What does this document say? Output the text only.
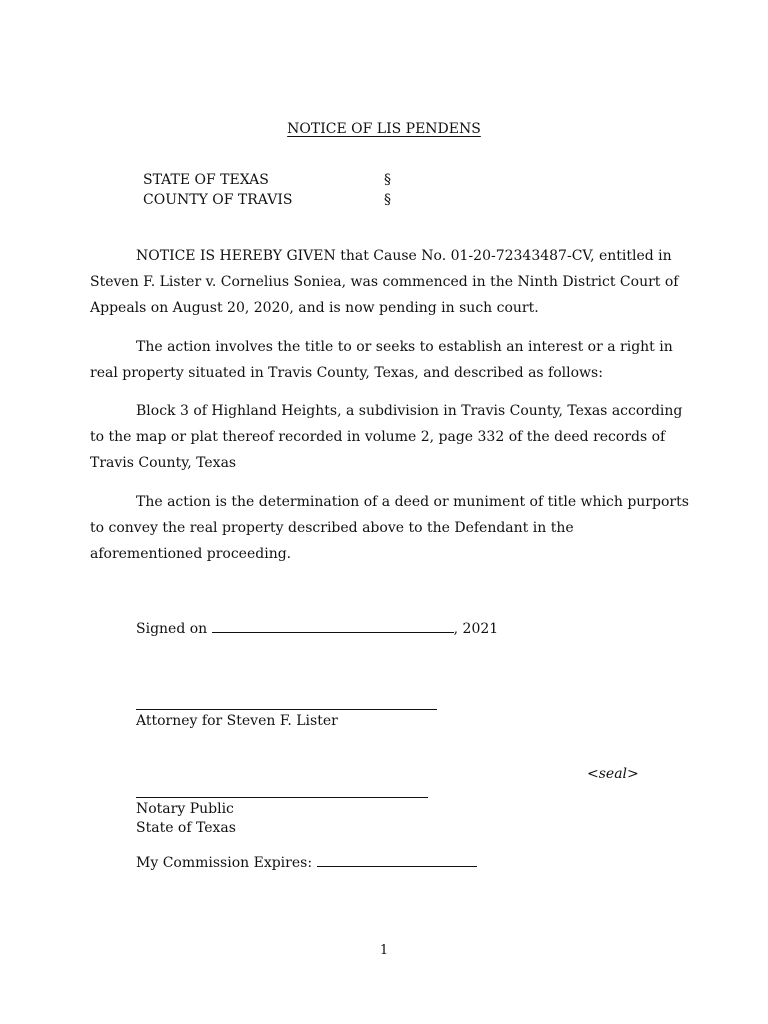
NOTICE OF LIS PENDENS
STATE OF TEXAS	§
COUNTY OF TRAVIS	§
NOTICE IS HEREBY GIVEN that Cause No. 01-20-72343487-CV, entitled in Steven F. Lister v. Cornelius Soniea, was commenced in the Ninth District Court of Appeals on August 20, 2020, and is now pending in such court.
The action involves the title to or seeks to establish an interest or a right in real property situated in Travis County, Texas, and described as follows:
Block 3 of Highland Heights, a subdivision in Travis County, Texas according to the map or plat thereof recorded in volume 2, page 332 of the deed records of Travis County, Texas
The action is the determination of a deed or muniment of title which purports to convey the real property described above to the Defendant in the aforementioned proceeding.
Signed on	, 2021
Attorney for Steven F. Lister
<seal>
Notary Public
State of Texas
My Commission Expires:
1
